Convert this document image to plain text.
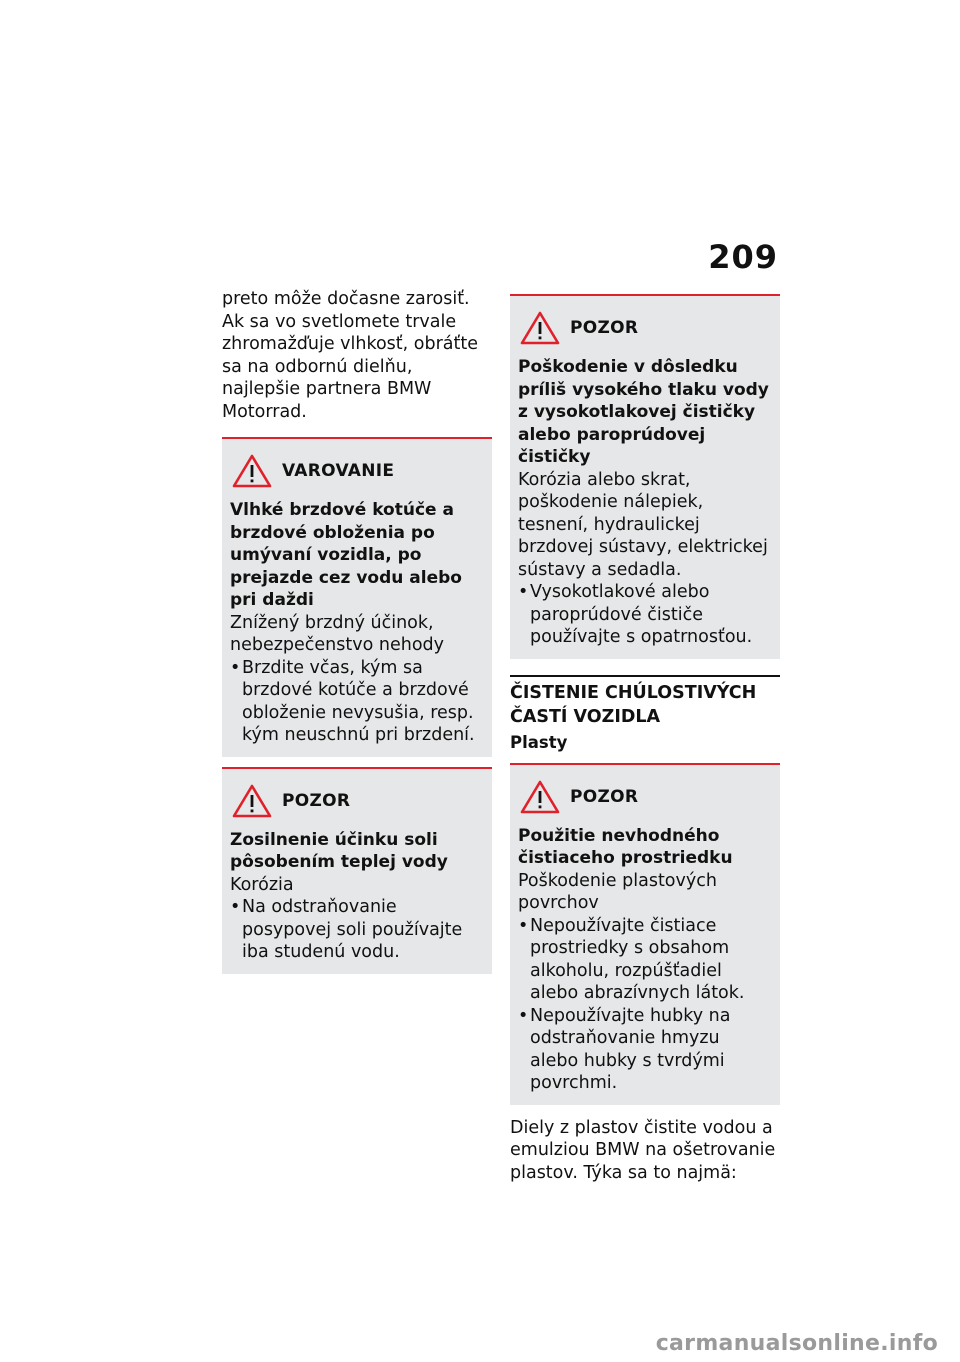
209

preto môže dočasne zarosiť. Ak sa vo svetlomete trvale zhromažďuje vlhkosť, obráťte sa na odbornú dielňu, najlepšie partnera BMW Motorrad.

VAROVANIE

Vlhké brzdové kotúče a brzdové obloženia po umývaní vozidla, po prejazde cez vodu alebo pri daždi

Znížený brzdný účinok, nebezpečenstvo nehody

• Brzdite včas, kým sa brzdové kotúče a brzdové obloženie nevysušia, resp. kým neuschnú pri brzdení.
POZOR

Zosilnenie účinku soli pôsobením teplej vody

Korózia

• Na odstraňovanie posypovej soli používajte iba studenú vodu.
POZOR

Poškodenie v dôsledku príliš vysokého tlaku vody z vysokotlakovej čističky alebo paroprúdovej čističky

Korózia alebo skrat, poškodenie nálepiek, tesnení, hydraulickej brzdovej sústavy, elektrickej sústavy a sedadla.

• Vysokotlakové alebo paroprúdové čističe používajte s opatrnosťou.

ČISTENIE CHÚLOSTIVÝCH ČASTÍ VOZIDLA

Plasty

POZOR

Použitie nevhodného čistiaceho prostriedku

Poškodenie plastových povrchov

• Nepoužívajte čistiace prostriedky s obsahom alkoholu, rozpúšťadiel alebo abrazívnych látok.
• Nepoužívajte hubky na odstraňovanie hmyzu alebo hubky s tvrdými povrchmi.

Diely z plastov čistite vodou a emulziou BMW na ošetrovanie plastov. Týka sa to najmä:

carmanualsonline.info
